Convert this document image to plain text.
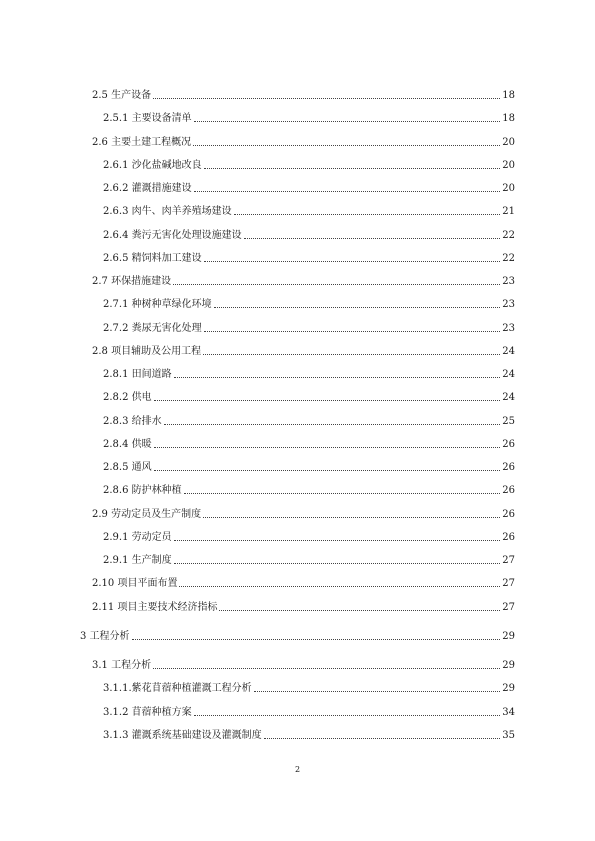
2.5 生产设备	18
2.5.1 主要设备清单	18
2.6 主要土建工程概况	20
2.6.1 沙化盐碱地改良	20
2.6.2 灌溉措施建设	20
2.6.3 肉牛、肉羊养殖场建设	21
2.6.4 粪污无害化处理设施建设	22
2.6.5 精饲料加工建设	22
2.7 环保措施建设	23
2.7.1 种树种草绿化环境	23
2.7.2 粪尿无害化处理	23
2.8 项目辅助及公用工程	24
2.8.1 田间道路	24
2.8.2 供电	24
2.8.3 给排水	25
2.8.4 供暖	26
2.8.5 通风	26
2.8.6 防护林种植	26
2.9 劳动定员及生产制度	26
2.9.1 劳动定员	26
2.9.1 生产制度	27
2.10 项目平面布置	27
2.11 项目主要技术经济指标	27
3 工程分析	29
3.1 工程分析	29
3.1.1.紫花苜蓿种植灌溉工程分析	29
3.1.2 苜蓿种植方案	34
3.1.3 灌溉系统基础建设及灌溉制度	35
2
